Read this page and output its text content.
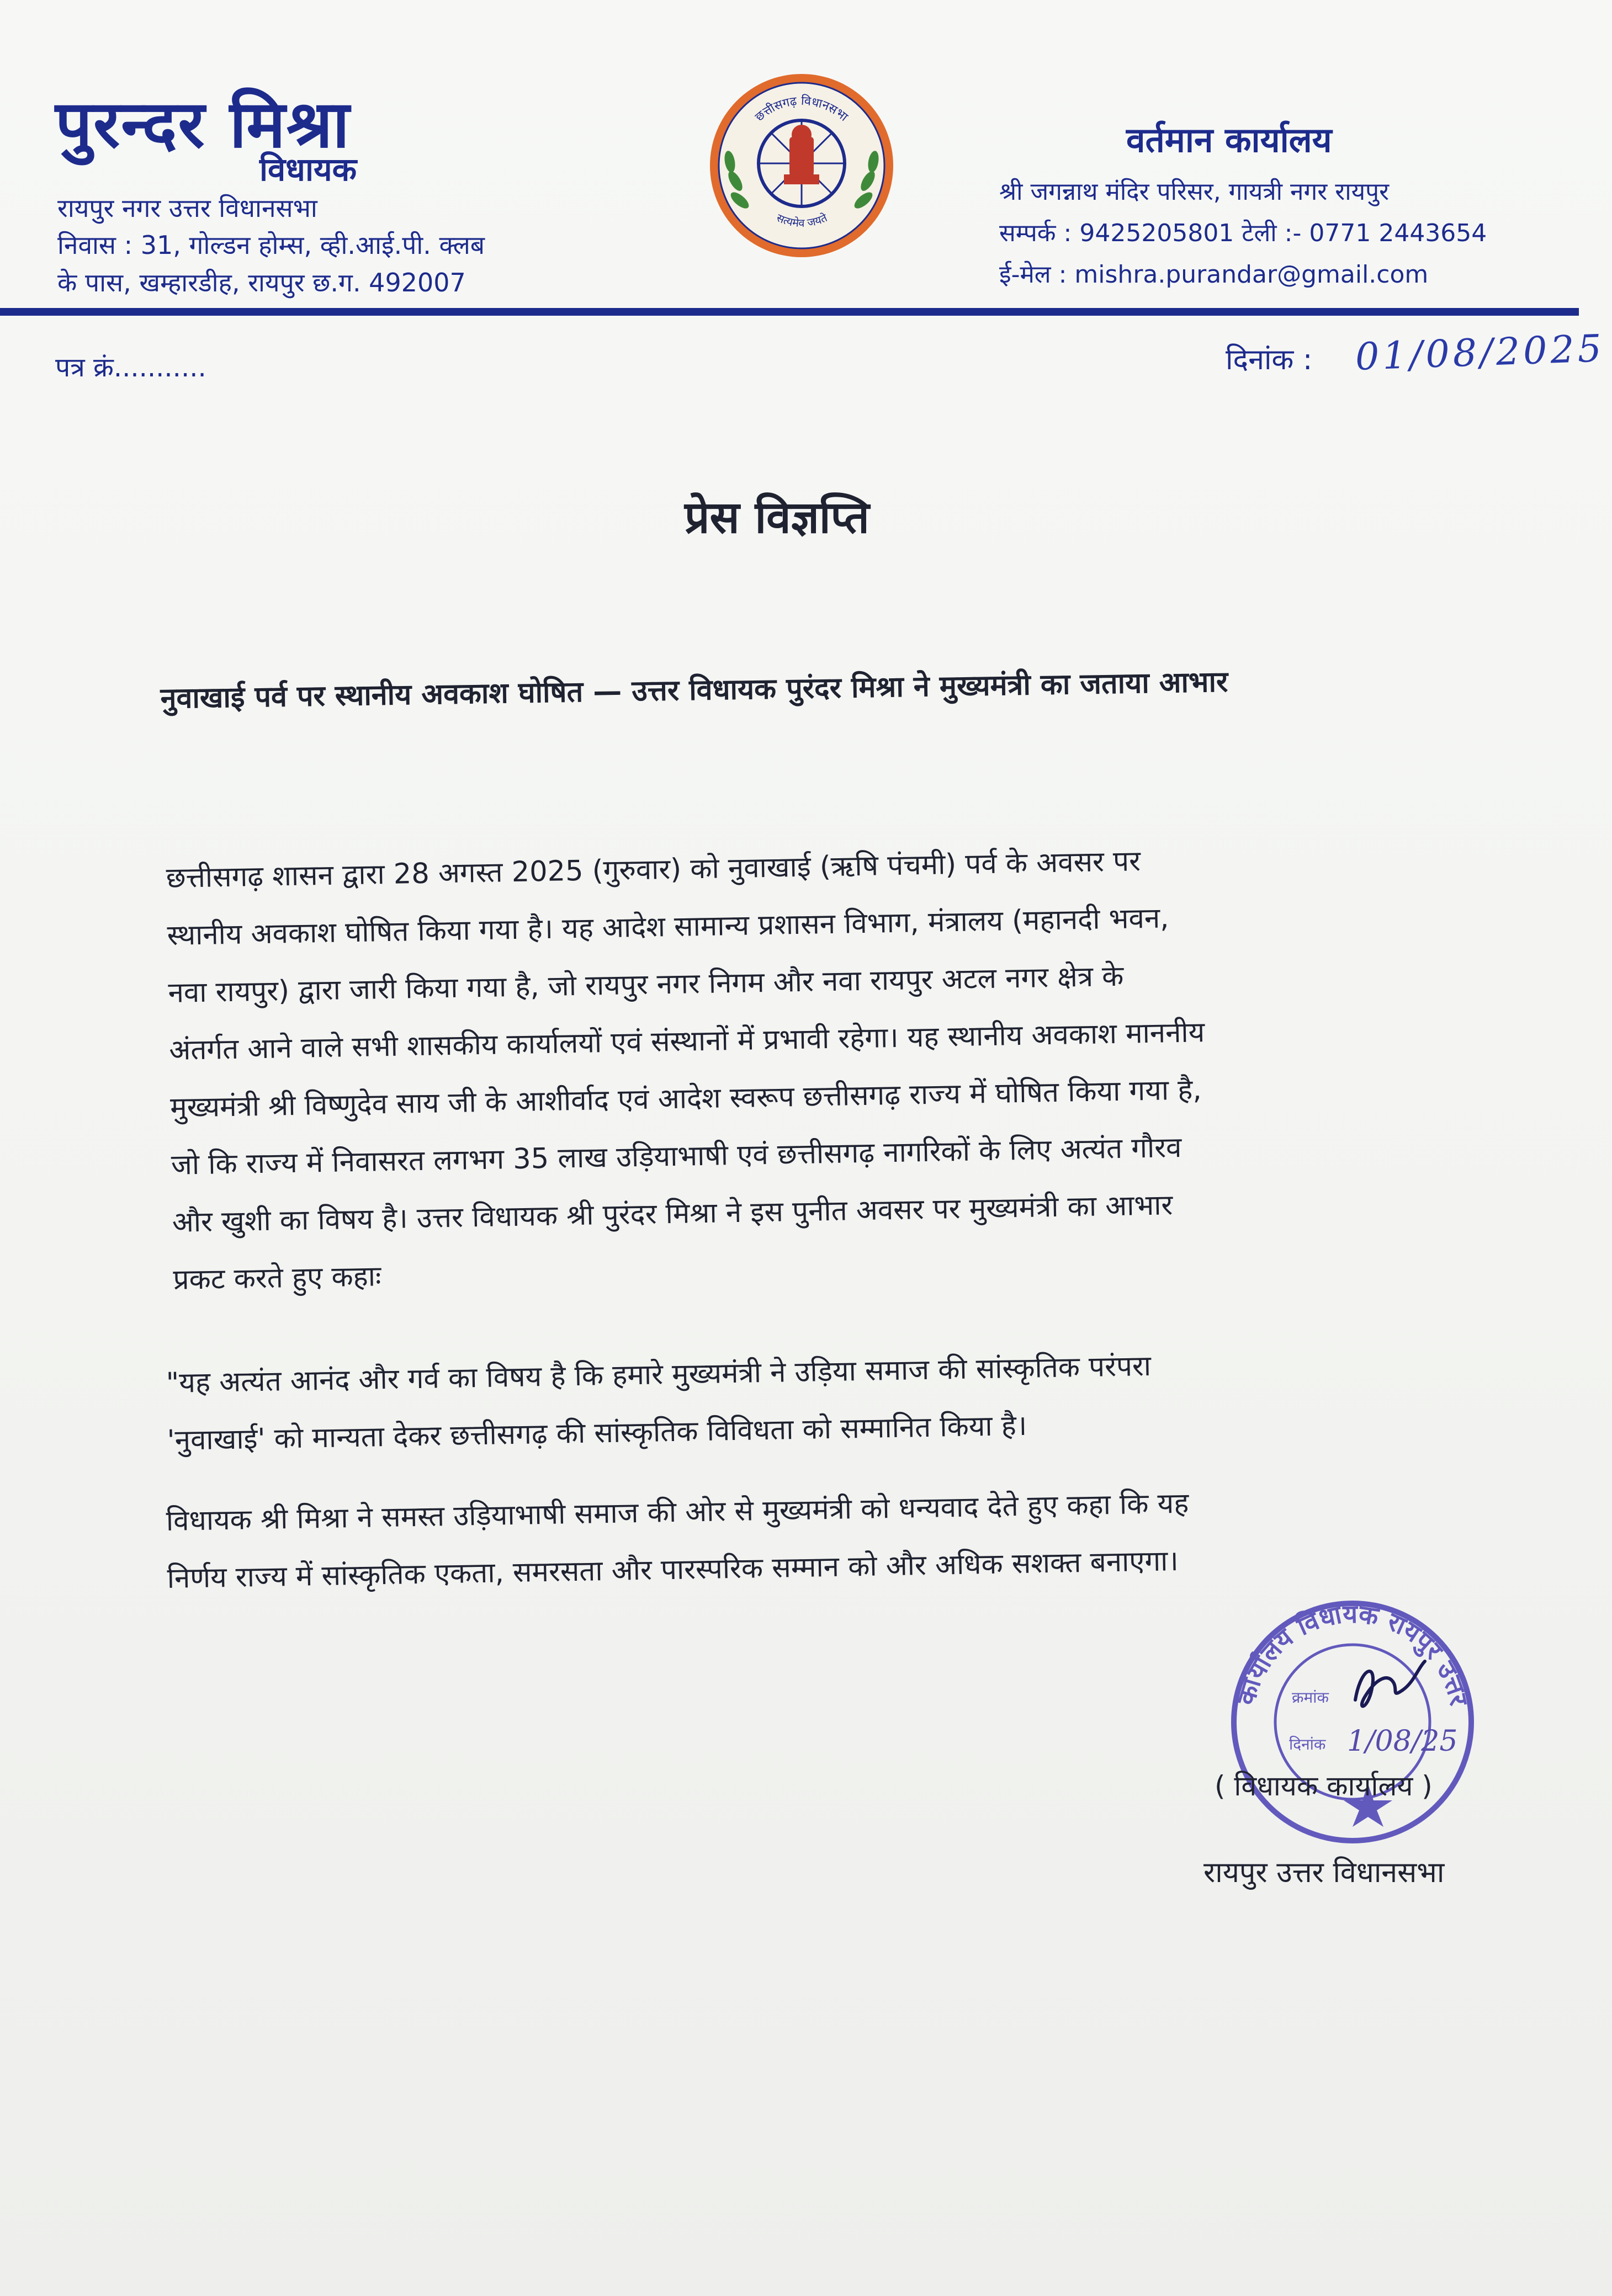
पुरन्दर मिश्रा
विधायक
रायपुर नगर उत्तर विधानसभा
निवास : 31, गोल्डन होम्स, व्ही.आई.पी. क्लब
के पास, खम्हारडीह, रायपुर छ.ग. 492007
छत्तीसगढ़ विधानसभा
सत्यमेव जयते
वर्तमान कार्यालय
श्री जगन्नाथ मंदिर परिसर, गायत्री नगर रायपुर
सम्पर्क : 9425205801 टेली :- 0771 2443654
ई-मेल : mishra.purandar@gmail.com
पत्र क्रं...........	दिनांक : 01/08/2025
प्रेस विज्ञप्ति
नुवाखाई पर्व पर स्थानीय अवकाश घोषित — उत्तर विधायक पुरंदर मिश्रा ने मुख्यमंत्री का जताया आभार
छत्तीसगढ़ शासन द्वारा 28 अगस्त 2025 (गुरुवार) को नुवाखाई (ऋषि पंचमी) पर्व के अवसर पर
स्थानीय अवकाश घोषित किया गया है। यह आदेश सामान्य प्रशासन विभाग, मंत्रालय (महानदी भवन,
नवा रायपुर) द्वारा जारी किया गया है, जो रायपुर नगर निगम और नवा रायपुर अटल नगर क्षेत्र के
अंतर्गत आने वाले सभी शासकीय कार्यालयों एवं संस्थानों में प्रभावी रहेगा। यह स्थानीय अवकाश माननीय
मुख्यमंत्री श्री विष्णुदेव साय जी के आशीर्वाद एवं आदेश स्वरूप छत्तीसगढ़ राज्य में घोषित किया गया है,
जो कि राज्य में निवासरत लगभग 35 लाख उड़ियाभाषी एवं छत्तीसगढ़ नागरिकों के लिए अत्यंत गौरव
और खुशी का विषय है। उत्तर विधायक श्री पुरंदर मिश्रा ने इस पुनीत अवसर पर मुख्यमंत्री का आभार
प्रकट करते हुए कहाः
"यह अत्यंत आनंद और गर्व का विषय है कि हमारे मुख्यमंत्री ने उड़िया समाज की सांस्कृतिक परंपरा
'नुवाखाई' को मान्यता देकर छत्तीसगढ़ की सांस्कृतिक विविधता को सम्मानित किया है।
विधायक श्री मिश्रा ने समस्त उड़ियाभाषी समाज की ओर से मुख्यमंत्री को धन्यवाद देते हुए कहा कि यह
निर्णय राज्य में सांस्कृतिक एकता, समरसता और पारस्परिक सम्मान को और अधिक सशक्त बनाएगा।
कार्यालय विधायक रायपुर उत्तर
क्रमांक
दिनांक 1/08/25
( विधायक कार्यालय )
रायपुर उत्तर विधानसभा
